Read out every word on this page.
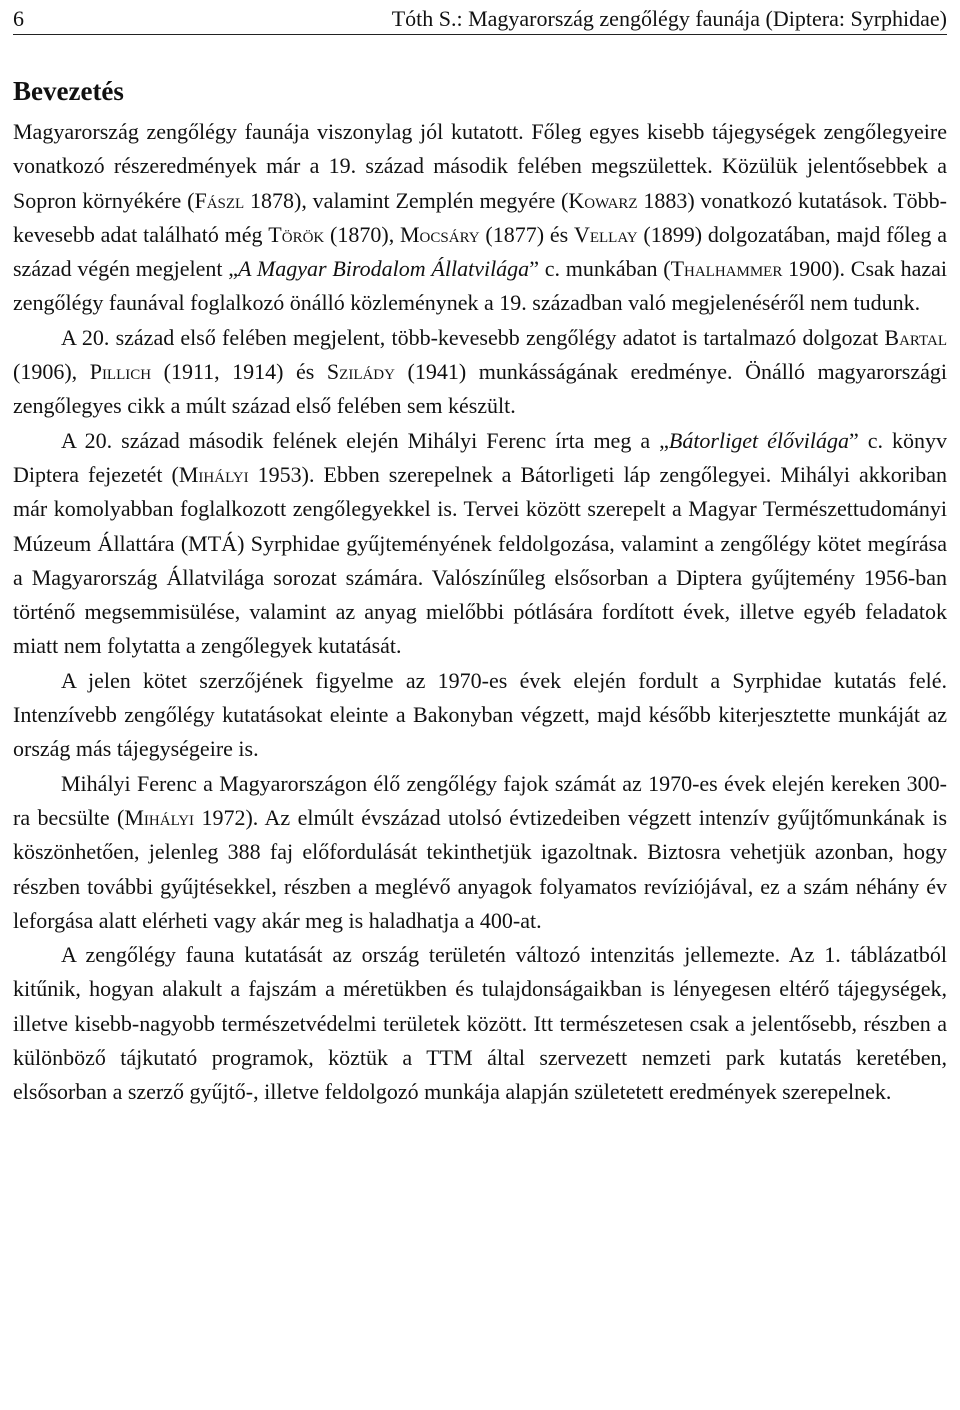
6	Tóth S.: Magyarország zengőlégy faunája (Diptera: Syrphidae)
Bevezetés

Magyarország zengőlégy faunája viszonylag jól kutatott. Főleg egyes kisebb tájegységek zengőlegyeire vonatkozó részeredmények már a 19. század második felében megszülettek. Közülük jelentősebbek a Sopron környékére (Fászl 1878), valamint Zemplén megyére (Kowarz 1883) vonatkozó kutatások. Több-kevesebb adat található még Török (1870), Mocsáry (1877) és Vellay (1899) dolgozatában, majd főleg a század végén megjelent „A Magyar Birodalom Állatvilága” c. munkában (Thalhammer 1900). Csak hazai zengőlégy faunával foglalkozó önálló közleménynek a 19. században való megjelenéséről nem tudunk.

A 20. század első felében megjelent, több-kevesebb zengőlégy adatot is tartalmazó dolgozat Bartal (1906), Pillich (1911, 1914) és Szilády (1941) munkásságának eredménye. Önálló magyarországi zengőlegyes cikk a múlt század első felében sem készült.

A 20. század második felének elején Mihályi Ferenc írta meg a „Bátorliget élővilága” c. könyv Diptera fejezetét (Mihályi 1953). Ebben szerepelnek a Bátorligeti láp zengőlegyei. Mihályi akkoriban már komolyabban foglalkozott zengőlegyekkel is. Tervei között szerepelt a Magyar Természettudományi Múzeum Állattára (MTÁ) Syrphidae gyűjteményének feldolgozása, valamint a zengőlégy kötet megírása a Magyarország Állatvilága sorozat számára. Valószínűleg elsősorban a Diptera gyűjtemény 1956-ban történő megsemmisülése, valamint az anyag mielőbbi pótlására fordított évek, illetve egyéb feladatok miatt nem folytatta a zengőlegyek kutatását.

A jelen kötet szerzőjének figyelme az 1970-es évek elején fordult a Syrphidae kutatás felé. Intenzívebb zengőlégy kutatásokat eleinte a Bakonyban végzett, majd később kiterjesztette munkáját az ország más tájegységeire is.

Mihályi Ferenc a Magyarországon élő zengőlégy fajok számát az 1970-es évek elején kereken 300-ra becsülte (Mihályi 1972). Az elmúlt évszázad utolsó évtizedeiben végzett intenzív gyűjtőmunkának is köszönhetően, jelenleg 388 faj előfordulását tekinthetjük igazoltnak. Biztosra vehetjük azonban, hogy részben további gyűjtésekkel, részben a meglévő anyagok folyamatos revíziójával, ez a szám néhány év leforgása alatt elérheti vagy akár meg is haladhatja a 400-at.

A zengőlégy fauna kutatását az ország területén változó intenzitás jellemezte. Az 1. táblázatból kitűnik, hogyan alakult a fajszám a méretükben és tulajdonságaikban is lényegesen eltérő tájegységek, illetve kisebb-nagyobb természetvédelmi területek között. Itt természetesen csak a jelentősebb, részben a különböző tájkutató programok, köztük a TTM által szervezett nemzeti park kutatás keretében, elsősorban a szerző gyűjtő-, illetve feldolgozó munkája alapján születetett eredmények szerepelnek.
